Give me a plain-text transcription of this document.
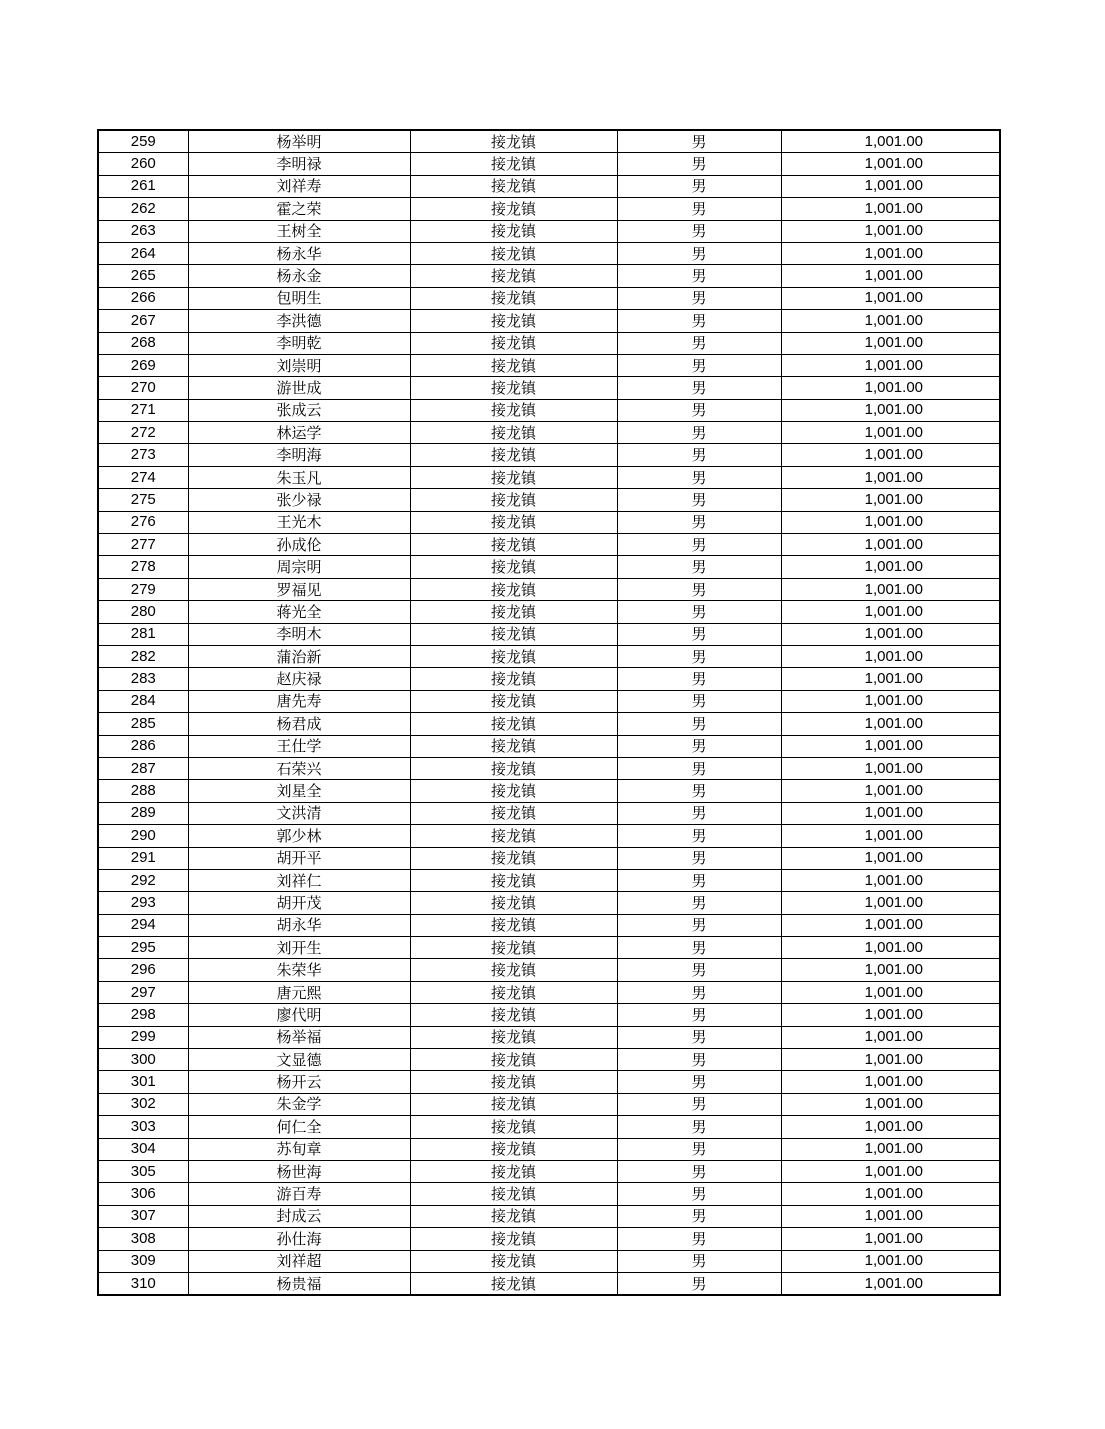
259	杨举明	接龙镇	男	1,001.00
260	李明禄	接龙镇	男	1,001.00
261	刘祥寿	接龙镇	男	1,001.00
262	霍之荣	接龙镇	男	1,001.00
263	王树全	接龙镇	男	1,001.00
264	杨永华	接龙镇	男	1,001.00
265	杨永金	接龙镇	男	1,001.00
266	包明生	接龙镇	男	1,001.00
267	李洪德	接龙镇	男	1,001.00
268	李明乾	接龙镇	男	1,001.00
269	刘崇明	接龙镇	男	1,001.00
270	游世成	接龙镇	男	1,001.00
271	张成云	接龙镇	男	1,001.00
272	林运学	接龙镇	男	1,001.00
273	李明海	接龙镇	男	1,001.00
274	朱玉凡	接龙镇	男	1,001.00
275	张少禄	接龙镇	男	1,001.00
276	王光木	接龙镇	男	1,001.00
277	孙成伦	接龙镇	男	1,001.00
278	周宗明	接龙镇	男	1,001.00
279	罗福见	接龙镇	男	1,001.00
280	蒋光全	接龙镇	男	1,001.00
281	李明木	接龙镇	男	1,001.00
282	蒲治新	接龙镇	男	1,001.00
283	赵庆禄	接龙镇	男	1,001.00
284	唐先寿	接龙镇	男	1,001.00
285	杨君成	接龙镇	男	1,001.00
286	王仕学	接龙镇	男	1,001.00
287	石荣兴	接龙镇	男	1,001.00
288	刘星全	接龙镇	男	1,001.00
289	文洪清	接龙镇	男	1,001.00
290	郭少林	接龙镇	男	1,001.00
291	胡开平	接龙镇	男	1,001.00
292	刘祥仁	接龙镇	男	1,001.00
293	胡开茂	接龙镇	男	1,001.00
294	胡永华	接龙镇	男	1,001.00
295	刘开生	接龙镇	男	1,001.00
296	朱荣华	接龙镇	男	1,001.00
297	唐元熙	接龙镇	男	1,001.00
298	廖代明	接龙镇	男	1,001.00
299	杨举福	接龙镇	男	1,001.00
300	文显德	接龙镇	男	1,001.00
301	杨开云	接龙镇	男	1,001.00
302	朱金学	接龙镇	男	1,001.00
303	何仁全	接龙镇	男	1,001.00
304	苏旬章	接龙镇	男	1,001.00
305	杨世海	接龙镇	男	1,001.00
306	游百寿	接龙镇	男	1,001.00
307	封成云	接龙镇	男	1,001.00
308	孙仕海	接龙镇	男	1,001.00
309	刘祥超	接龙镇	男	1,001.00
310	杨贵福	接龙镇	男	1,001.00
